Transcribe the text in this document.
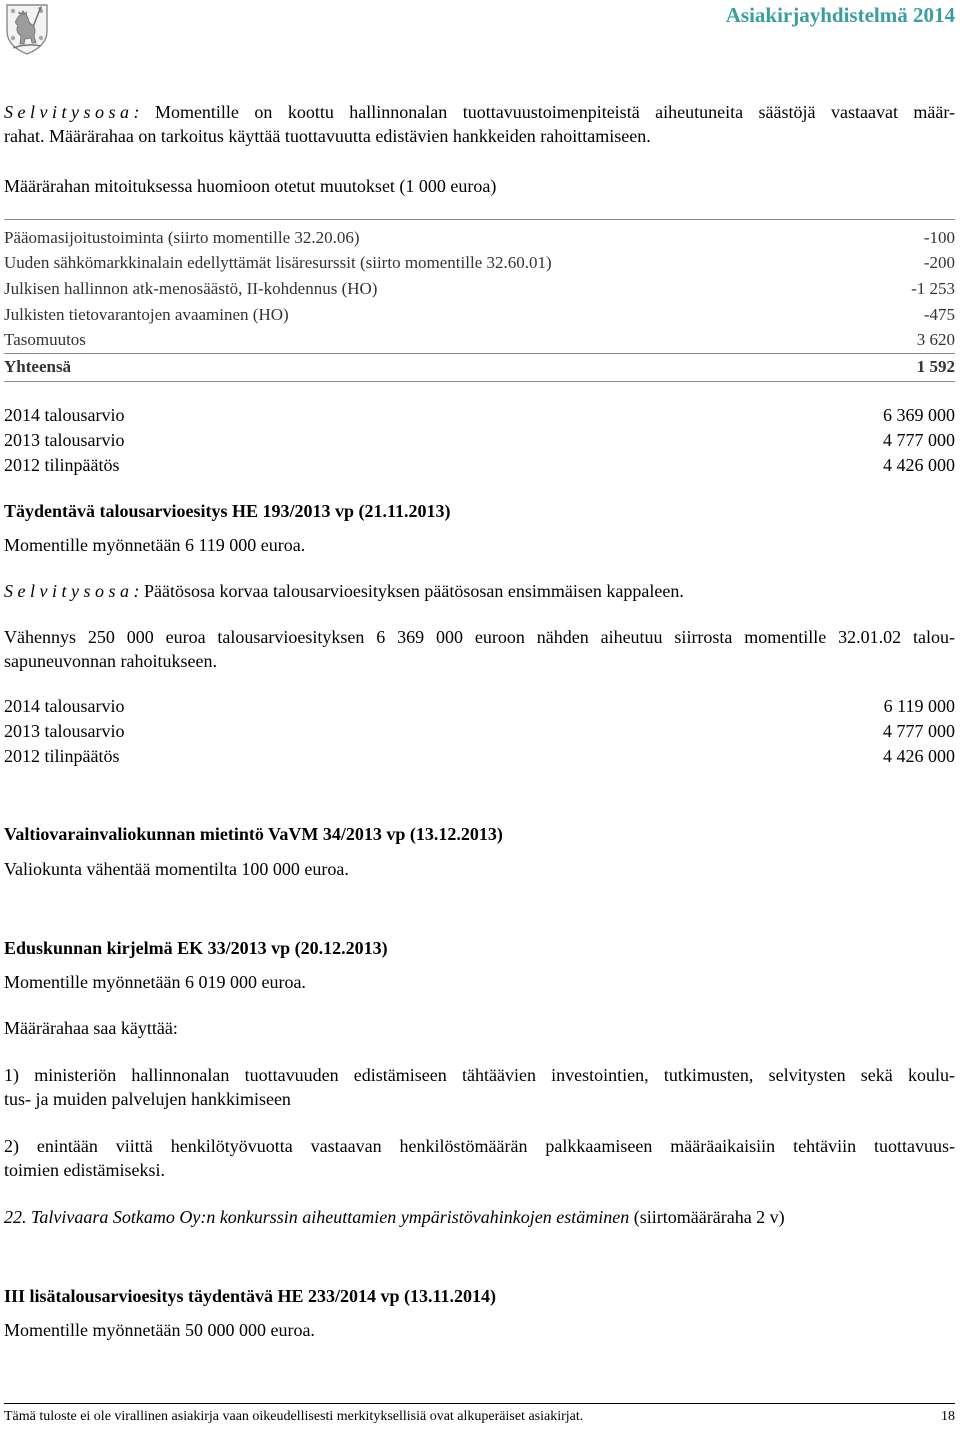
Asiakirjayhdistelmä 2014
S e l v i t y s o s a : Momentille on koottu hallinnonalan tuottavuustoimenpiteistä aiheutuneita säästöjä vastaavat määr-
rahat. Määrärahaa on tarkoitus käyttää tuottavuutta edistävien hankkeiden rahoittamiseen.
Määrärahan mitoituksessa huomioon otetut muutokset (1 000 euroa)
Pääomasijoitustoiminta (siirto momentille 32.20.06)	-100
Uuden sähkömarkkinalain edellyttämät lisäresurssit (siirto momentille 32.60.01)	-200
Julkisen hallinnon atk-menosäästö, II-kohdennus (HO)	-1 253
Julkisten tietovarantojen avaaminen (HO)	-475
Tasomuutos	3 620
Yhteensä	1 592
2014 talousarvio	6 369 000
2013 talousarvio	4 777 000
2012 tilinpäätös	4 426 000
Täydentävä talousarvioesitys HE 193/2013 vp (21.11.2013)
Momentille myönnetään 6 119 000 euroa.
S e l v i t y s o s a : Päätösosa korvaa talousarvioesityksen päätösosan ensimmäisen kappaleen.
Vähennys 250 000 euroa talousarvioesityksen 6 369 000 euroon nähden aiheutuu siirrosta momentille 32.01.02 talou-
sapuneuvonnan rahoitukseen.
2014 talousarvio	6 119 000
2013 talousarvio	4 777 000
2012 tilinpäätös	4 426 000
Valtiovarainvaliokunnan mietintö VaVM 34/2013 vp (13.12.2013)
Valiokunta vähentää momentilta 100 000 euroa.
Eduskunnan kirjelmä EK 33/2013 vp (20.12.2013)
Momentille myönnetään 6 019 000 euroa.
Määrärahaa saa käyttää:
1) ministeriön hallinnonalan tuottavuuden edistämiseen tähtäävien investointien, tutkimusten, selvitysten sekä koulu-
tus- ja muiden palvelujen hankkimiseen
2) enintään viittä henkilötyövuotta vastaavan henkilöstömäärän palkkaamiseen määräaikaisiin tehtäviin tuottavuus-
toimien edistämiseksi.
22. Talvivaara Sotkamo Oy:n konkurssin aiheuttamien ympäristövahinkojen estäminen (siirtomääräraha 2 v)
III lisätalousarvioesitys täydentävä HE 233/2014 vp (13.11.2014)
Momentille myönnetään 50 000 000 euroa.
Tämä tuloste ei ole virallinen asiakirja vaan oikeudellisesti merkityksellisiä ovat alkuperäiset asiakirjat.	18
